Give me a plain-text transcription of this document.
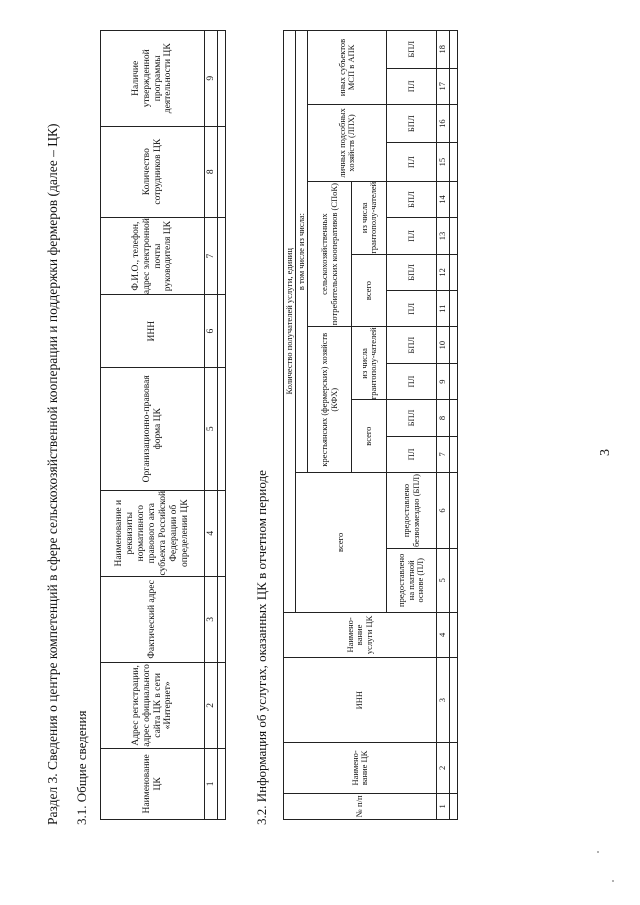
3
Раздел 3. Сведения о центре компетенций в сфере сельскохозяйственной кооперации и поддержки фермеров (далее – ЦК) 3.1. Общие сведения	Наименование ЦК	Адрес регистрации, адрес официального сайта ЦК в сети «Интернет»	Фактический адрес	Наименование и реквизиты нормативного правового акта субъекта Российской Федерации об определении ЦК	Организационно-правовая форма ЦК	ИНН	Ф.И.О., телефон, адрес электронной почты руководителя ЦК	Количество сотрудников ЦК	Наличие утвержденной программы деятельности ЦК
1	2	3	4	5	6	7	8	9

3.2. Информация об услугах, оказанных ЦК в отчетном периоде	№ п/п	Наимено-вание ЦК	ИНН	Наимено-вание услуги ЦК	Количество получателей услуги, единиц													
				всего		в том числе из числа:											
						крестьянских (фермерских) хозяйств (КФХ)				сельскохозяйственных потребительских кооперативов (СПоК)				личных подсобных хозяйств (ЛПХ)		иных субъектов МСП в АПК	
						всего		из числа грантополу-чателей		всего		из числа грантополу-чателей					
				предоставлено на платной основе (ПЛ)	предоставлено безвозмездно (БПЛ)	ПЛ	БПЛ	ПЛ	БПЛ	ПЛ	БПЛ	ПЛ	БПЛ	ПЛ	БПЛ	ПЛ	БПЛ
1	2	3	4	5	6	7	8	9	10	11	12	13	14	15	16	17	18
